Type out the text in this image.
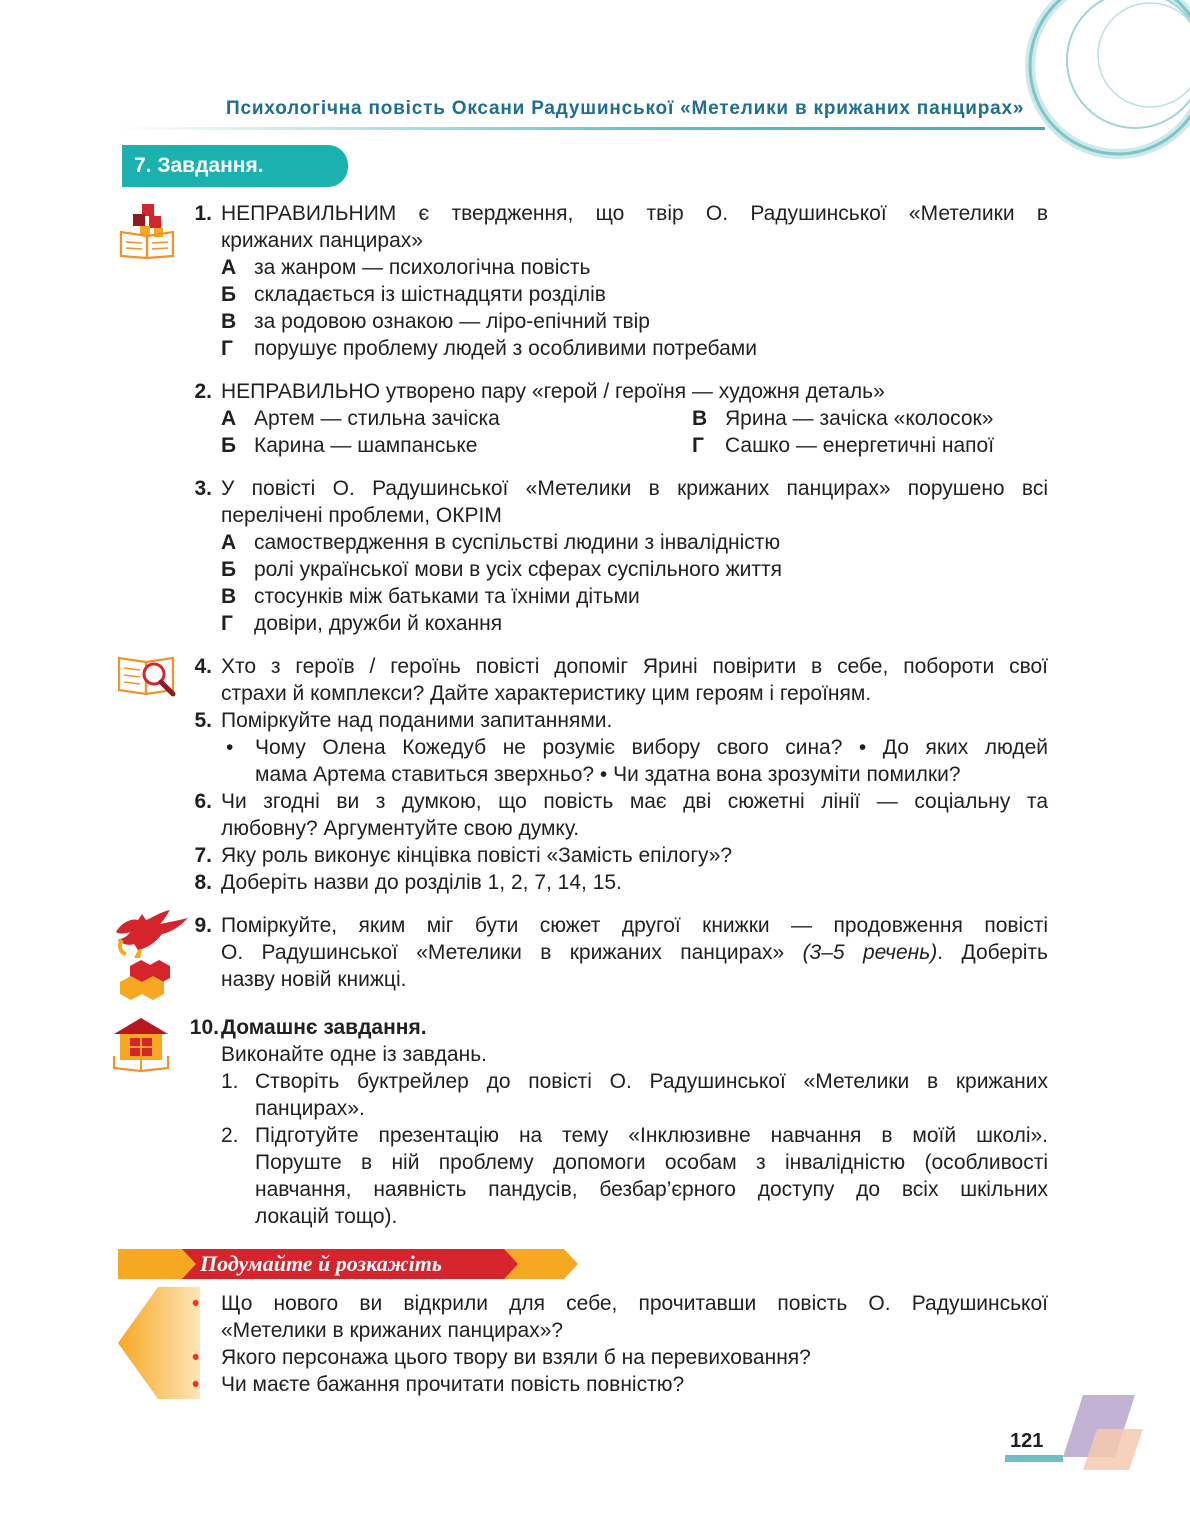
Психологічна повість Оксани Радушинської «Метелики в крижаних панцирах»
7. Завдання.
1. НЕПРАВИЛЬНИМ є твердження, що твір О. Радушинської «Метелики в
крижаних панцирах»
А за жанром — психологічна повість
Б складається із шістнадцяти розділів
В за родовою ознакою — ліро-епічний твір
Г порушує проблему людей з особливими потребами
2. НЕПРАВИЛЬНО утворено пару «герой / героїня — художня деталь»
А Артем — стильна зачіска	В Ярина — зачіска «колосок»
Б Карина — шампанське	Г Сашко — енергетичні напої
3. У повісті О. Радушинської «Метелики в крижаних панцирах» порушено всі
перелічені проблеми, ОКРІМ
А самоствердження в суспільстві людини з інвалідністю
Б ролі української мови в усіх сферах суспільного життя
В стосунків між батьками та їхніми дітьми
Г довіри, дружби й кохання
4. Хто з героїв / героїнь повісті допоміг Ярині повірити в себе, побороти свої
страхи й комплекси? Дайте характеристику цим героям і героїням.
5. Поміркуйте над поданими запитаннями.
• Чому Олена Кожедуб не розуміє вибору свого сина? • До яких людей
мама Артема ставиться зверхньо? • Чи здатна вона зрозуміти помилки?
6. Чи згодні ви з думкою, що повість має дві сюжетні лінії — соціальну та
любовну? Аргументуйте свою думку.
7. Яку роль виконує кінцівка повісті «Замість епілогу»?
8. Доберіть назви до розділів 1, 2, 7, 14, 15.
9. Поміркуйте, яким міг бути сюжет другої книжки — продовження повісті
О. Радушинської «Метелики в крижаних панцирах» (3–5 речень). Доберіть
назву новій книжці.
10. Домашнє завдання.
Виконайте одне із завдань.
1. Створіть буктрейлер до повісті О. Радушинської «Метелики в крижаних
панцирах».
2. Підготуйте презентацію на тему «Інклюзивне навчання в моїй школі».
Поруште в ній проблему допомоги особам з інвалідністю (особливості
навчання, наявність пандусів, безбар’єрного доступу до всіх шкільних
локацій тощо).
Подумайте й розкажіть
• Що нового ви відкрили для себе, прочитавши повість О. Радушинської
«Метелики в крижаних панцирах»?
• Якого персонажа цього твору ви взяли б на перевиховання?
• Чи маєте бажання прочитати повість повністю?
121
